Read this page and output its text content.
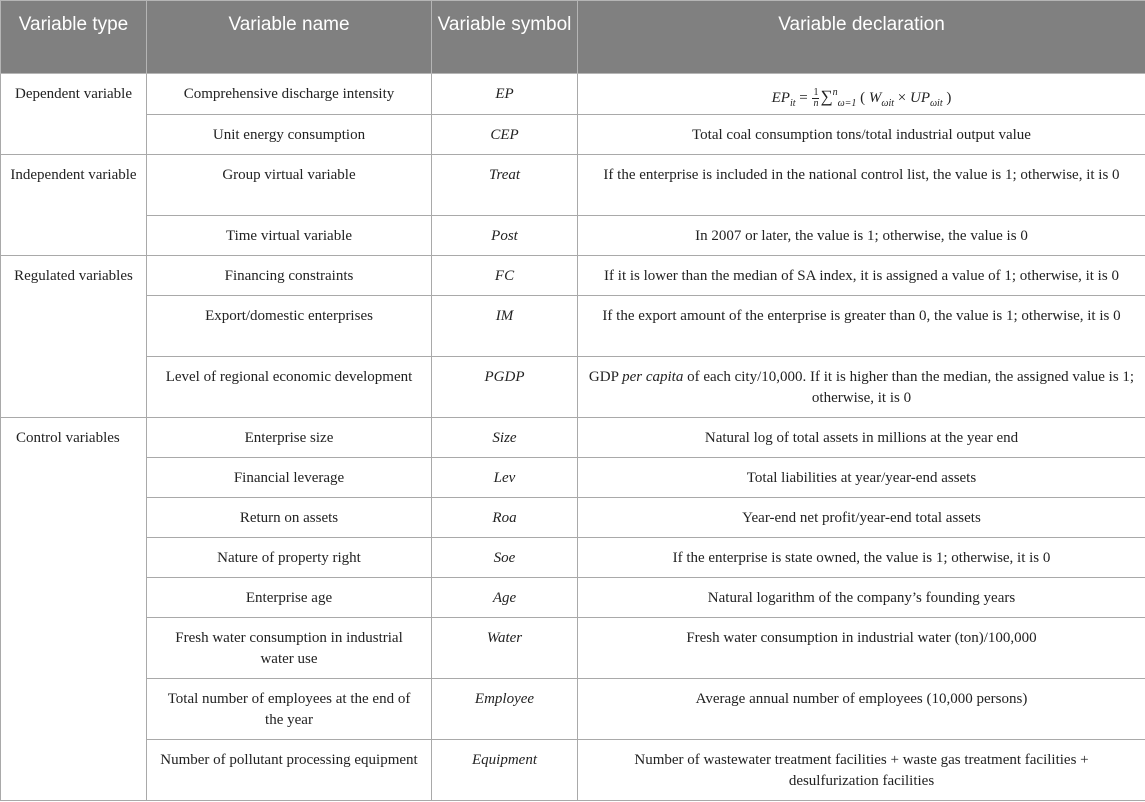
Variable type	Variable name	Variable symbol	Variable declaration
Dependent variable	Comprehensive discharge intensity	EP	$EP_{it} = \frac{1}{n} \sum^n_{\omega=1}$ ( $W_{\omega it} \times UP_{\omega it}$ )
	Unit energy consumption	CEP	Total coal consumption tons/total industrial output value
Independent variable	Group virtual variable	Treat	If the enterprise is included in the national control list, the value is 1; otherwise, it is 0
	Time virtual variable	Post	In 2007 or later, the value is 1; otherwise, the value is 0
Regulated variables	Financing constraints	FC	If it is lower than the median of SA index, it is assigned a value of 1; otherwise, it is 0
	Export/domestic enterprises	IM	If the export amount of the enterprise is greater than 0, the value is 1; otherwise, it is 0
	Level of regional economic development	PGDP	GDP per capita of each city/10,000. If it is higher than the median, the assigned value is 1; otherwise, it is 0
Control variables	Enterprise size	Size	Natural log of total assets in millions at the year end
	Financial leverage	Lev	Total liabilities at year/year-end assets
	Return on assets	Roa	Year-end net profit/year-end total assets
	Nature of property right	Soe	If the enterprise is state owned, the value is 1; otherwise, it is 0
	Enterprise age	Age	Natural logarithm of the company’s founding years
	Fresh water consumption in industrial water use	Water	Fresh water consumption in industrial water (ton)/100,000
	Total number of employees at the end of the year	Employee	Average annual number of employees (10,000 persons)
	Number of pollutant processing equipment	Equipment	Number of wastewater treatment facilities + waste gas treatment facilities + desulfurization facilities
